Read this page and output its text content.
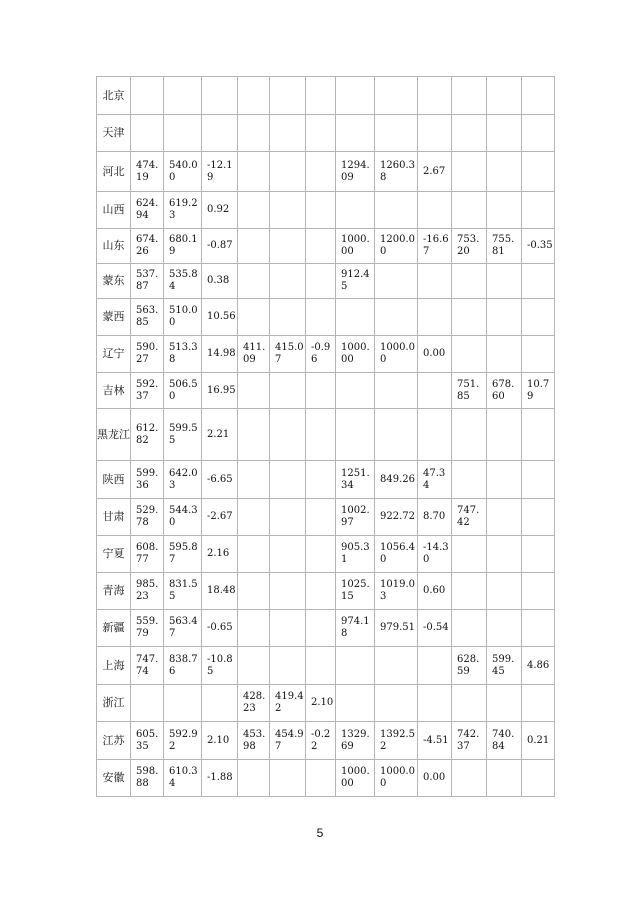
北京												
天津												
河北	474.19	540.00	-12.19				1294.09	1260.38	2.67			
山西	624.94	619.23	0.92									
山东	674.26	680.19	-0.87				1000.00	1200.00	-16.67	753.20	755.81	-0.35
蒙东	537.87	535.84	0.38				912.45					
蒙西	563.85	510.00	10.56									
辽宁	590.27	513.38	14.98	411.09	415.07	-0.96	1000.00	1000.00	0.00			
吉林	592.37	506.50	16.95							751.85	678.60	10.79
黑龙江	612.82	599.55	2.21									
陕西	599.36	642.03	-6.65				1251.34	849.26	47.34			
甘肃	529.78	544.30	-2.67				1002.97	922.72	8.70	747.42		
宁夏	608.77	595.87	2.16				905.31	1056.40	-14.30			
青海	985.23	831.55	18.48				1025.15	1019.03	0.60			
新疆	559.79	563.47	-0.65				974.18	979.51	-0.54			
上海	747.74	838.76	-10.85							628.59	599.45	4.86
浙江				428.23	419.42	2.10						
江苏	605.35	592.92	2.10	453.98	454.97	-0.22	1329.69	1392.52	-4.51	742.37	740.84	0.21
安徽	598.88	610.34	-1.88				1000.00	1000.00	0.00			
5
